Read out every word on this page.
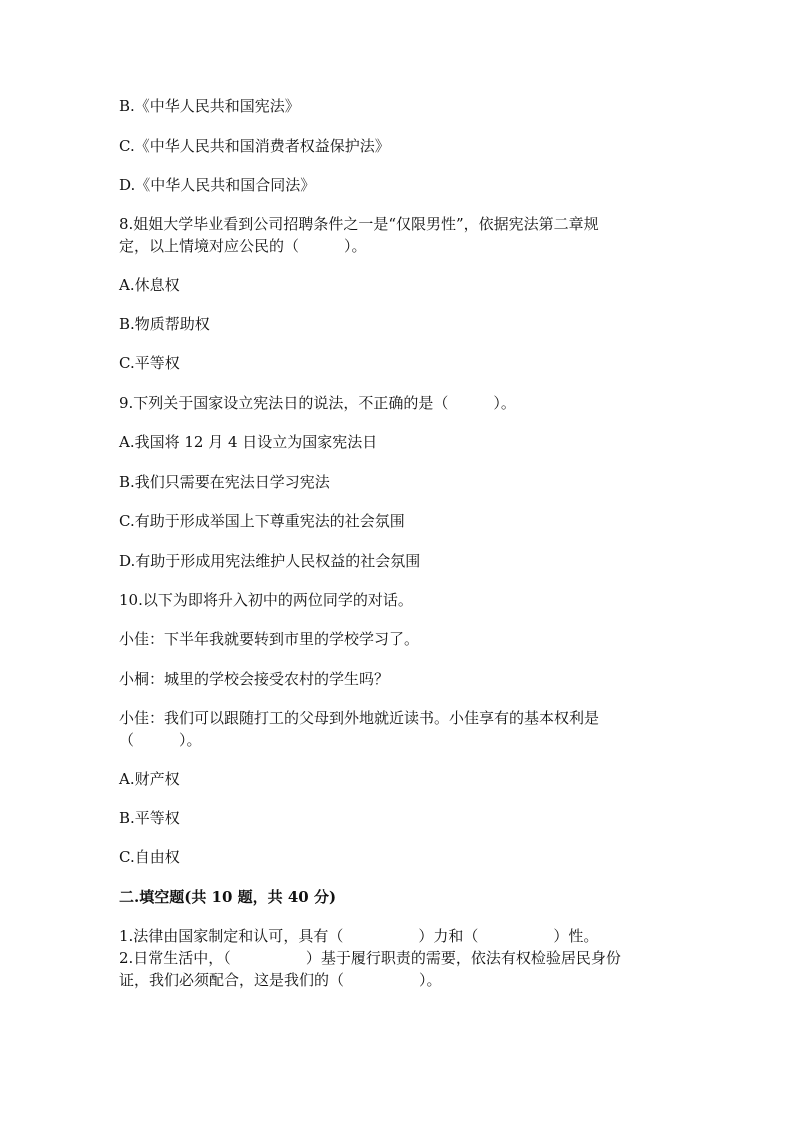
B.《中华人民共和国宪法》
C.《中华人民共和国消费者权益保护法》
D.《中华人民共和国合同法》
8.姐姐大学毕业看到公司招聘条件之一是“仅限男性”，依据宪法第二章规
定，以上情境对应公民的（　　　）。
A.休息权
B.物质帮助权
C.平等权
9.下列关于国家设立宪法日的说法，不正确的是（　　　）。
A.我国将 12 月 4 日设立为国家宪法日
B.我们只需要在宪法日学习宪法
C.有助于形成举国上下尊重宪法的社会氛围
D.有助于形成用宪法维护人民权益的社会氛围
10.以下为即将升入初中的两位同学的对话。
小佳：下半年我就要转到市里的学校学习了。
小桐：城里的学校会接受农村的学生吗？
小佳：我们可以跟随打工的父母到外地就近读书。小佳享有的基本权利是
（　　　）。
A.财产权
B.平等权
C.自由权
二.填空题(共 10 题，共 40 分)
1.法律由国家制定和认可，具有（　　　　　）力和（　　　　　）性。
2.日常生活中，（　　　　　）基于履行职责的需要，依法有权检验居民身份
证，我们必须配合，这是我们的（　　　　　）。
